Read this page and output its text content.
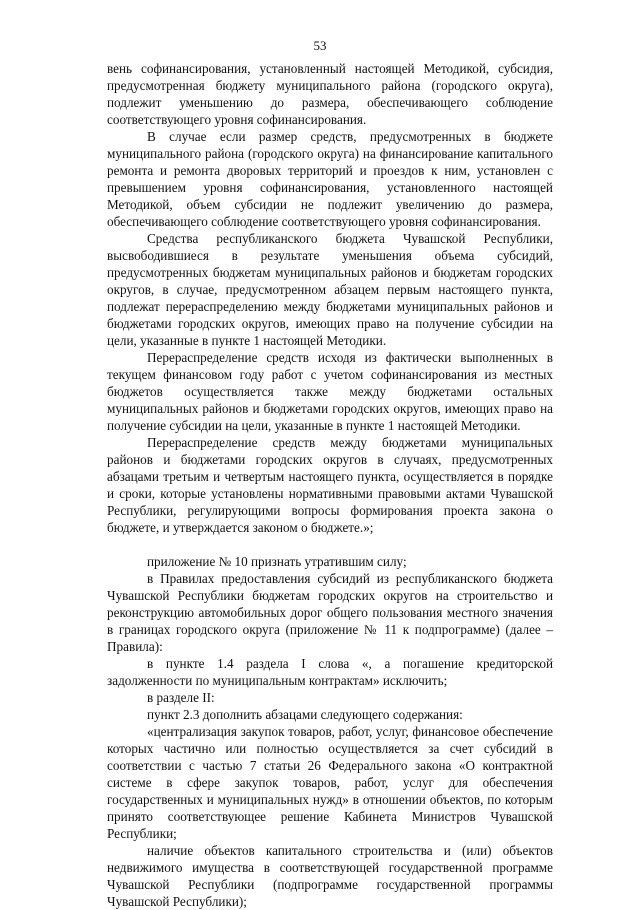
53

вень софинансирования, установленный настоящей Методикой, субсидия, предусмотренная бюджету муниципального района (городского округа), подлежит уменьшению до размера, обеспечивающего соблюдение соответствующего уровня софинансирования.

В случае если размер средств, предусмотренных в бюджете муниципального района (городского округа) на финансирование капитального ремонта и ремонта дворовых территорий и проездов к ним, установлен с превышением уровня софинансирования, установленного настоящей Методикой, объем субсидии не подлежит увеличению до размера, обеспечивающего соблюдение соответствующего уровня софинансирования.

Средства республиканского бюджета Чувашской Республики, высвободившиеся в результате уменьшения объема субсидий, предусмотренных бюджетам муниципальных районов и бюджетам городских округов, в случае, предусмотренном абзацем первым настоящего пункта, подлежат перераспределению между бюджетами муниципальных районов и бюджетами городских округов, имеющих право на получение субсидии на цели, указанные в пункте 1 настоящей Методики.

Перераспределение средств исходя из фактически выполненных в текущем финансовом году работ с учетом софинансирования из местных бюджетов осуществляется также между бюджетами остальных муниципальных районов и бюджетами городских округов, имеющих право на получение субсидии на цели, указанные в пункте 1 настоящей Методики.

Перераспределение средств между бюджетами муниципальных районов и бюджетами городских округов в случаях, предусмотренных абзацами третьим и четвертым настоящего пункта, осуществляется в порядке и сроки, которые установлены нормативными правовыми актами Чувашской Республики, регулирующими вопросы формирования проекта закона о бюджете, и утверждается законом о бюджете.»;

приложение № 10 признать утратившим силу;

в Правилах предоставления субсидий из республиканского бюджета Чувашской Республики бюджетам городских округов на строительство и реконструкцию автомобильных дорог общего пользования местного значения в границах городского округа (приложение № 11 к подпрограмме) (далее – Правила):

в пункте 1.4 раздела I слова «, а погашение кредиторской задолженности по муниципальным контрактам» исключить;

в разделе II:

пункт 2.3 дополнить абзацами следующего содержания:

«централизация закупок товаров, работ, услуг, финансовое обеспечение которых частично или полностью осуществляется за счет субсидий в соответствии с частью 7 статьи 26 Федерального закона «О контрактной системе в сфере закупок товаров, работ, услуг для обеспечения государственных и муниципальных нужд» в отношении объектов, по которым принято соответствующее решение Кабинета Министров Чувашской Республики;

наличие объектов капитального строительства и (или) объектов недвижимого имущества в соответствующей государственной программе Чувашской Республики (подпрограмме государственной программы Чувашской Республики);
